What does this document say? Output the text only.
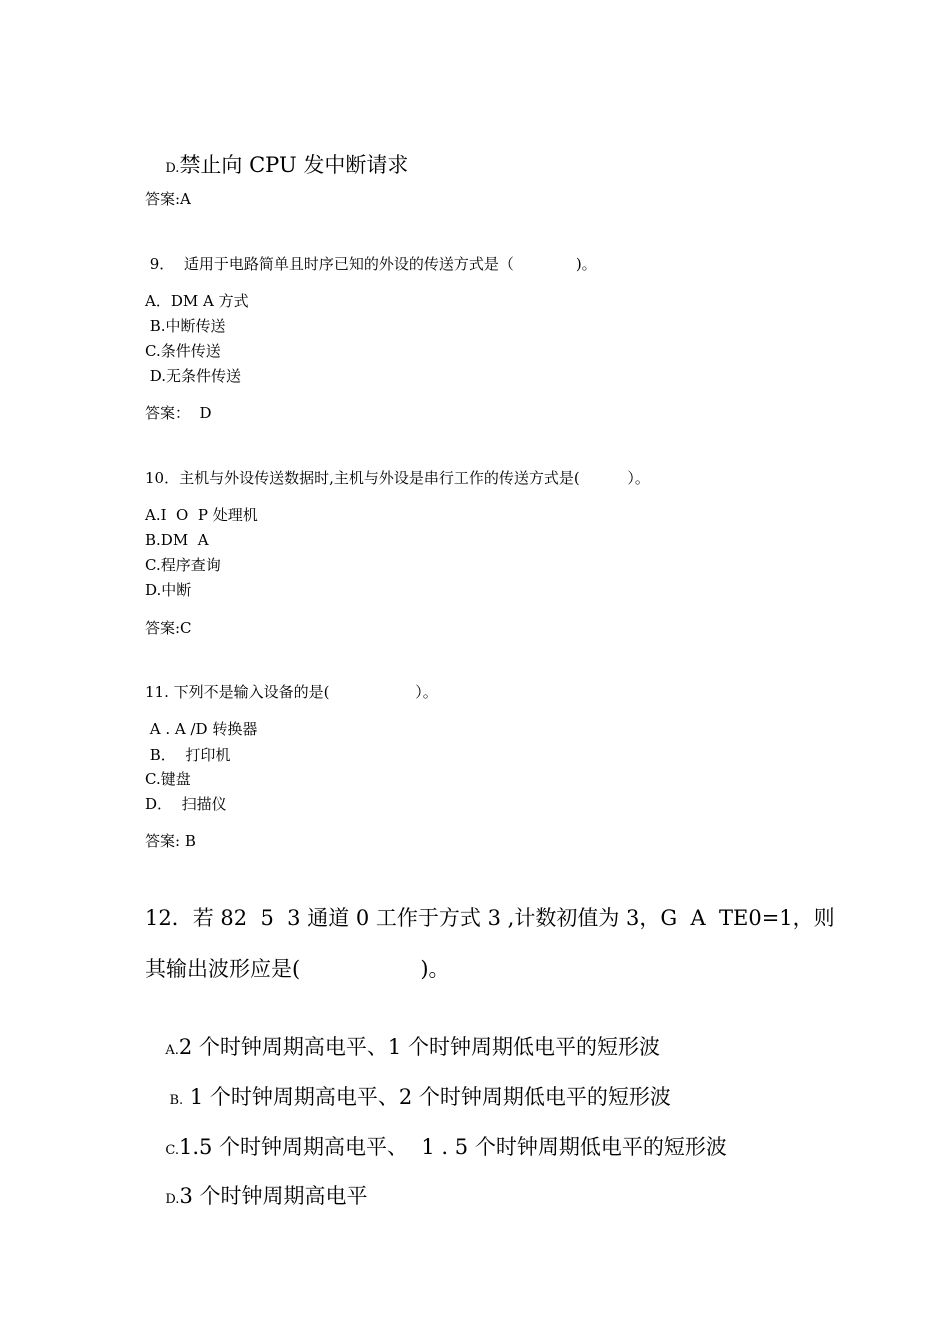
D.禁止向 CPU 发中断请求

答案:A
9．  适用于电路简单且时序已知的外设的传送方式是（             )。
A．DM A 方式
B.中断传送
C.条件传送
D.无条件传送
答案：  D
10．主机与外设传送数据时,主机与外设是串行工作的传送方式是(          ）。
A.I  O  P 处理机
B.DM  A
C.程序查询
D.中断
答案:C
11. 下列不是输入设备的是(                  ）。
A . A /D 转换器
B．  打印机
C.键盘
D．  扫描仪
答案: B
12．若 82  5  3 通道 0 工作于方式 3 ,计数初值为 3，G  A  TE0=1，则
其输出波形应是(                  )。

A.2 个时钟周期高电平、1 个时钟周期低电平的短形波

B. 1 个时钟周期高电平、2 个时钟周期低电平的短形波

C.1.5 个时钟周期高电平、  1 . 5 个时钟周期低电平的短形波

D.3 个时钟周期高电平
